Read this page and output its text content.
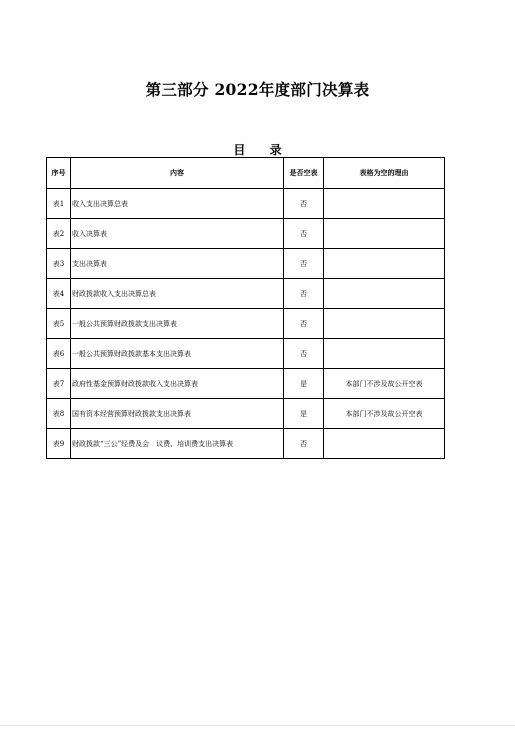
第三部分 2022年度部门决算表
目 录
序号	内容	是否空表	表格为空的理由
表1	收入支出决算总表	否	
表2	收入决算表	否	
表3	支出决算表	否	
表4	财政拨款收入支出决算总表	否	
表5	一般公共预算财政拨款支出决算表	否	
表6	一般公共预算财政拨款基本支出决算表	否	
表7	政府性基金预算财政拨款收入支出决算表	是	本部门不涉及故公开空表
表8	国有资本经营预算财政拨款支出决算表	是	本部门不涉及故公开空表
表9	财政拨款“三公”经费及会　议费、培训费支出决算表	否	
